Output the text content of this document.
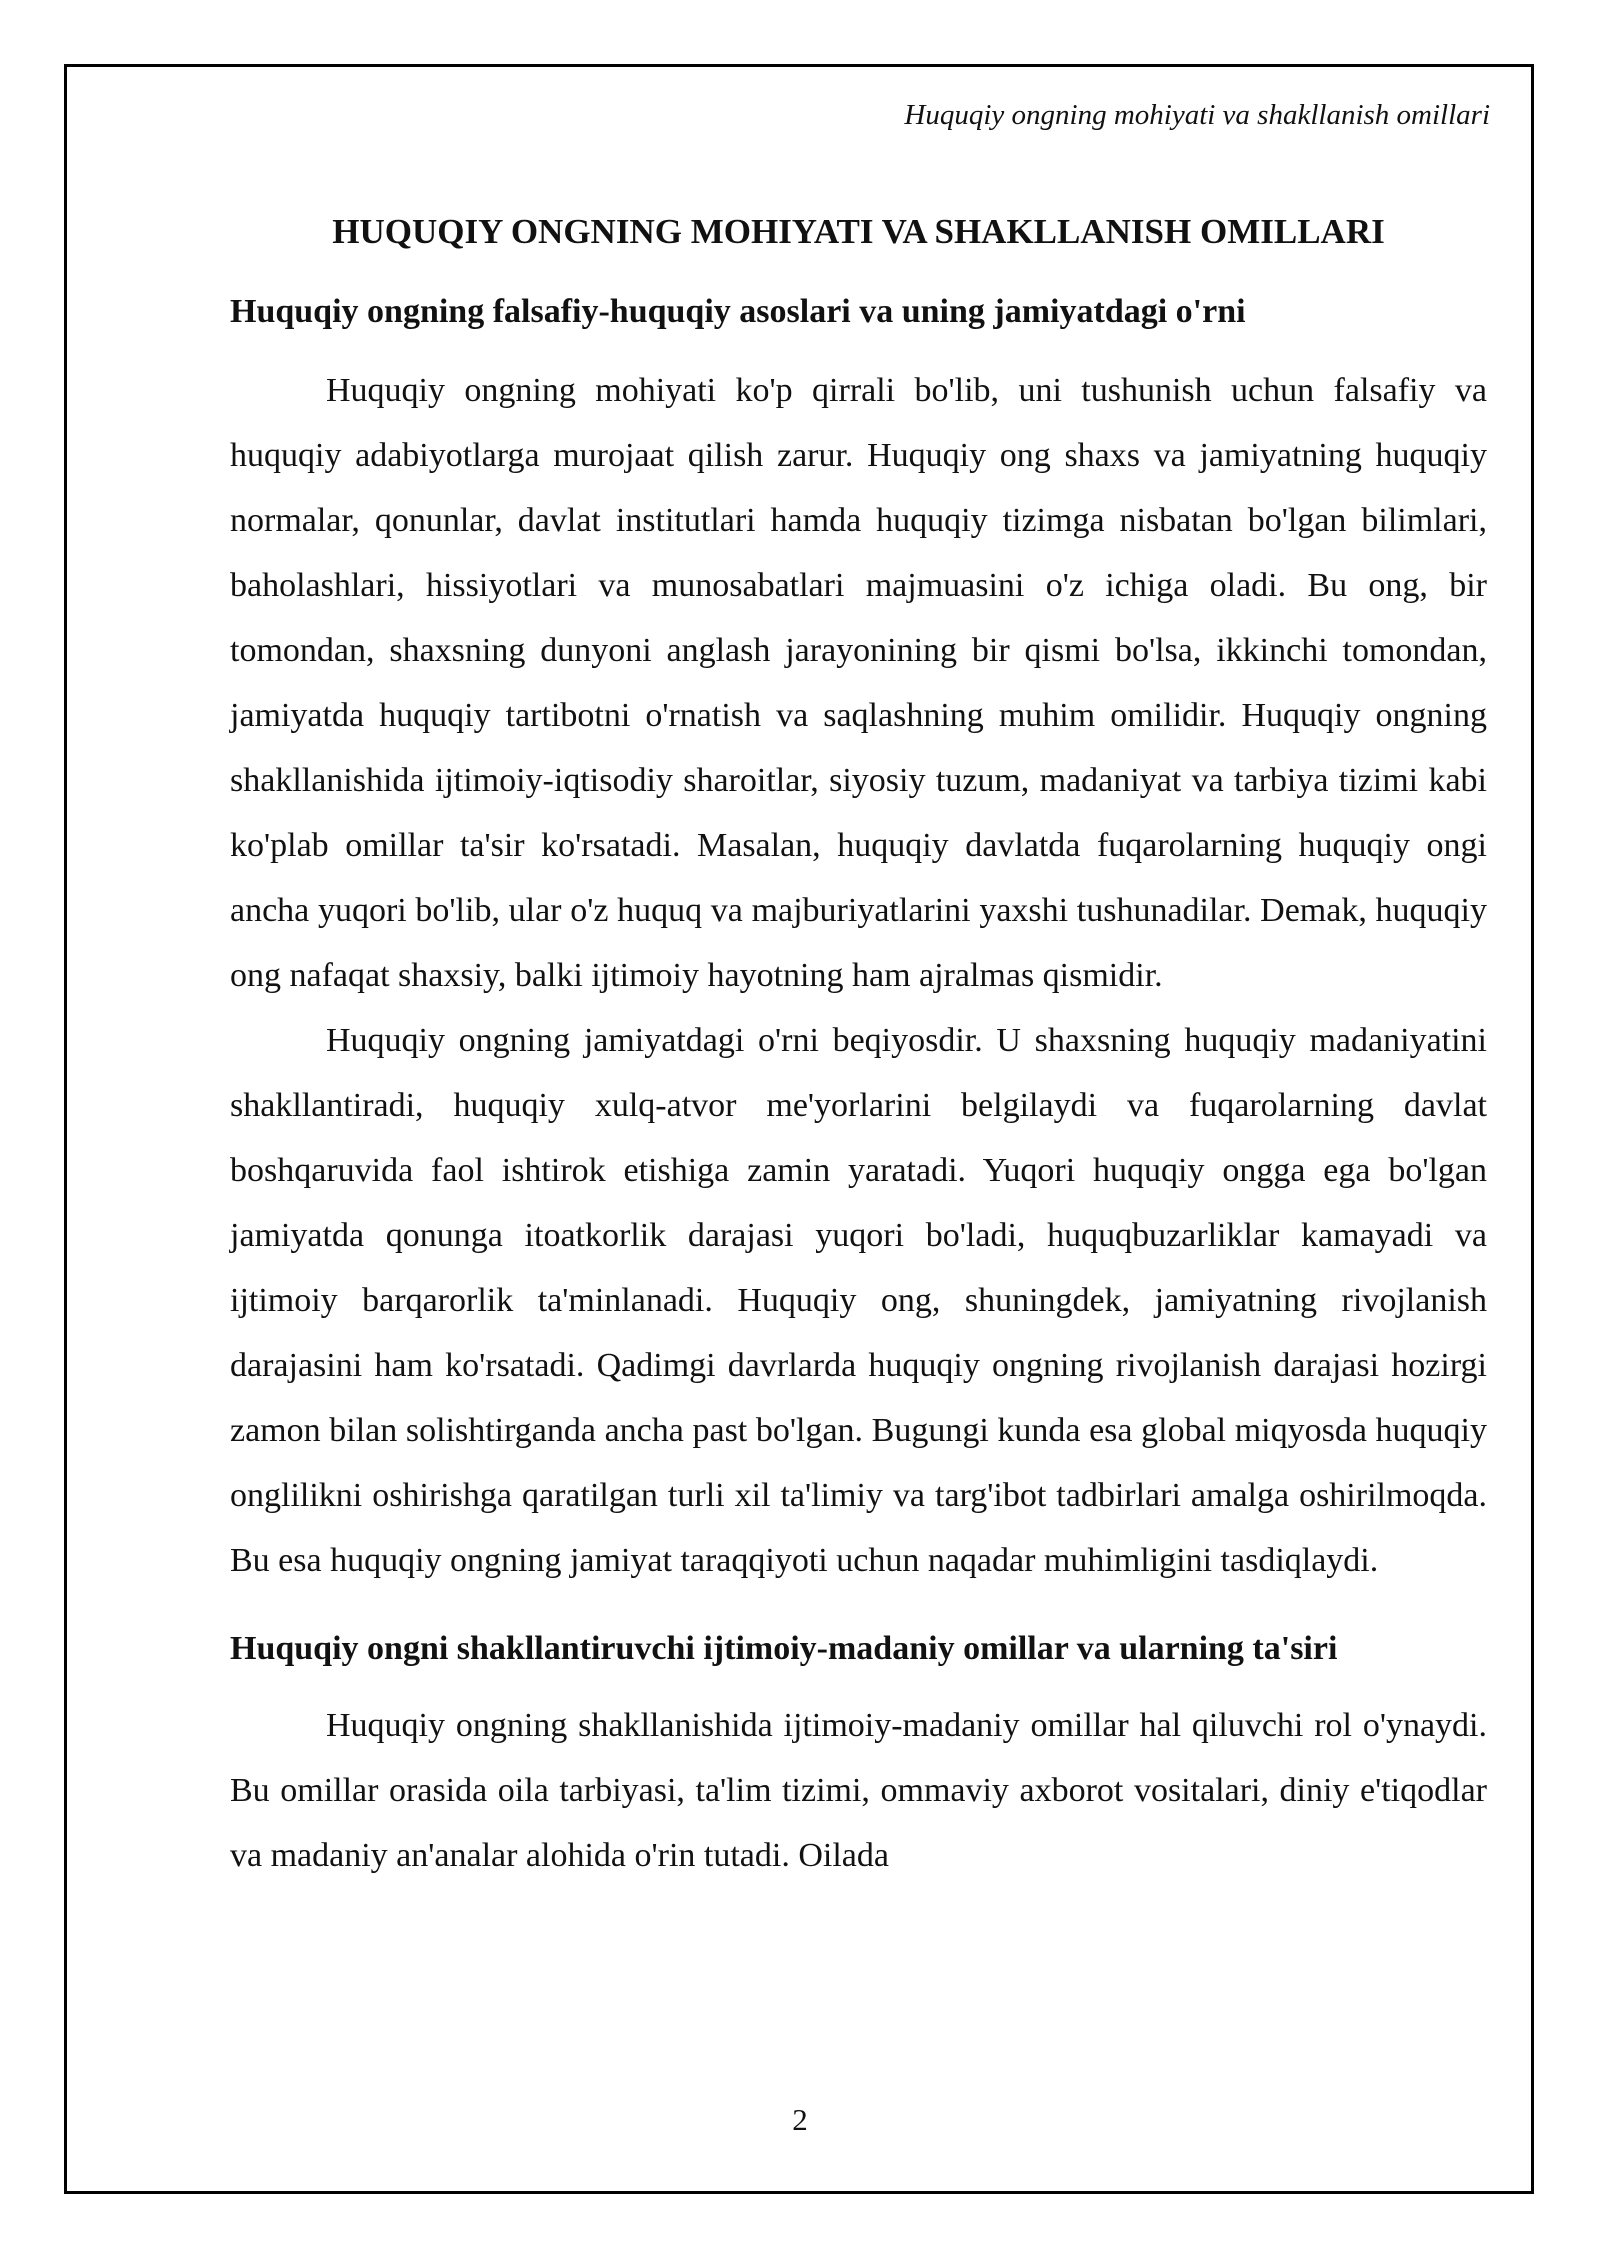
Huquqiy ongning mohiyati va shakllanish omillari
HUQUQIY ONGNING MOHIYATI VA SHAKLLANISH OMILLARI
Huquqiy ongning falsafiy-huquqiy asoslari va uning jamiyatdagi o'rni

Huquqiy ongning mohiyati ko'p qirrali bo'lib, uni tushunish uchun falsafiy va huquqiy adabiyotlarga murojaat qilish zarur. Huquqiy ong shaxs va jamiyatning huquqiy normalar, qonunlar, davlat institutlari hamda huquqiy tizimga nisbatan bo'lgan bilimlari, baholashlari, hissiyotlari va munosabatlari majmuasini o'z ichiga oladi. Bu ong, bir tomondan, shaxsning dunyoni anglash jarayonining bir qismi bo'lsa, ikkinchi tomondan, jamiyatda huquqiy tartibotni o'rnatish va saqlashning muhim omilidir. Huquqiy ongning shakllanishida ijtimoiy-iqtisodiy sharoitlar, siyosiy tuzum, madaniyat va tarbiya tizimi kabi ko'plab omillar ta'sir ko'rsatadi. Masalan, huquqiy davlatda fuqarolarning huquqiy ongi ancha yuqori bo'lib, ular o'z huquq va majburiyatlarini yaxshi tushunadilar. Demak, huquqiy ong nafaqat shaxsiy, balki ijtimoiy hayotning ham ajralmas qismidir.

Huquqiy ongning jamiyatdagi o'rni beqiyosdir. U shaxsning huquqiy madaniyatini shakllantiradi, huquqiy xulq-atvor me'yorlarini belgilaydi va fuqarolarning davlat boshqaruvida faol ishtirok etishiga zamin yaratadi. Yuqori huquqiy ongga ega bo'lgan jamiyatda qonunga itoatkorlik darajasi yuqori bo'ladi, huquqbuzarliklar kamayadi va ijtimoiy barqarorlik ta'minlanadi. Huquqiy ong, shuningdek, jamiyatning rivojlanish darajasini ham ko'rsatadi. Qadimgi davrlarda huquqiy ongning rivojlanish darajasi hozirgi zamon bilan solishtirganda ancha past bo'lgan. Bugungi kunda esa global miqyosda huquqiy onglilikni oshirishga qaratilgan turli xil ta'limiy va targ'ibot tadbirlari amalga oshirilmoqda. Bu esa huquqiy ongning jamiyat taraqqiyoti uchun naqadar muhimligini tasdiqlaydi.

Huquqiy ongni shakllantiruvchi ijtimoiy-madaniy omillar va ularning ta'siri

Huquqiy ongning shakllanishida ijtimoiy-madaniy omillar hal qiluvchi rol o'ynaydi. Bu omillar orasida oila tarbiyasi, ta'lim tizimi, ommaviy axborot vositalari, diniy e'tiqodlar va madaniy an'analar alohida o'rin tutadi. Oilada

2
